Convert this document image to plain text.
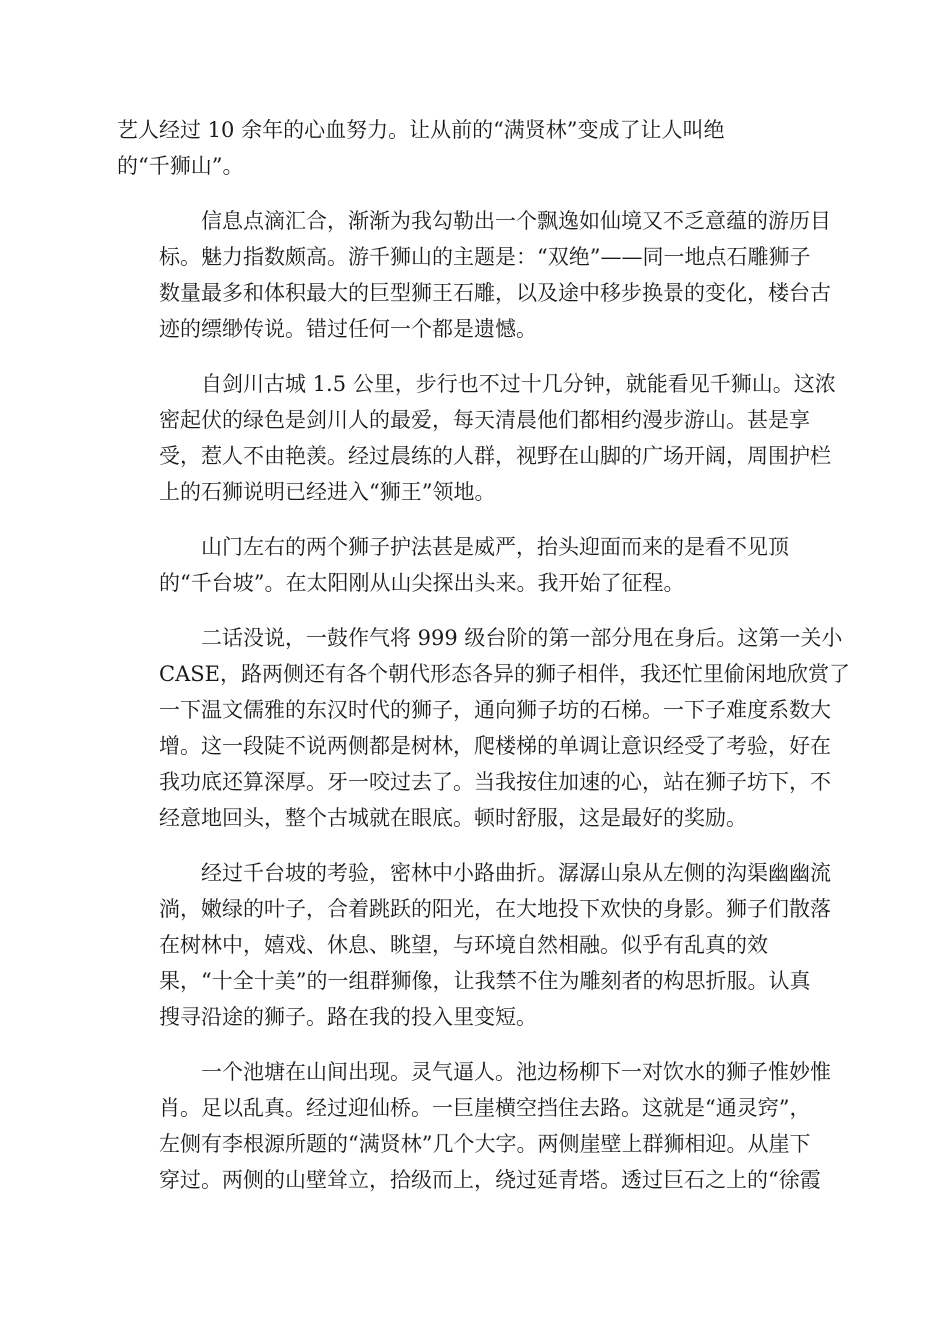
艺人经过 10 余年的心血努力。让从前的“满贤林”变成了让人叫绝
的“千狮山”。

信息点滴汇合，渐渐为我勾勒出一个飘逸如仙境又不乏意蕴的游历目
标。魅力指数颇高。游千狮山的主题是：“双绝”——同一地点石雕狮子
数量最多和体积最大的巨型狮王石雕，以及途中移步换景的变化，楼台古
迹的缥缈传说。错过任何一个都是遗憾。

自剑川古城 1.5 公里，步行也不过十几分钟，就能看见千狮山。这浓
密起伏的绿色是剑川人的最爱，每天清晨他们都相约漫步游山。甚是享
受，惹人不由艳羡。经过晨练的人群，视野在山脚的广场开阔，周围护栏
上的石狮说明已经进入“狮王”领地。

山门左右的两个狮子护法甚是威严，抬头迎面而来的是看不见顶
的“千台坡”。在太阳刚从山尖探出头来。我开始了征程。

二话没说，一鼓作气将 999 级台阶的第一部分甩在身后。这第一关小
CASE，路两侧还有各个朝代形态各异的狮子相伴，我还忙里偷闲地欣赏了
一下温文儒雅的东汉时代的狮子，通向狮子坊的石梯。一下子难度系数大
增。这一段陡不说两侧都是树林，爬楼梯的单调让意识经受了考验，好在
我功底还算深厚。牙一咬过去了。当我按住加速的心，站在狮子坊下，不
经意地回头，整个古城就在眼底。顿时舒服，这是最好的奖励。

经过千台坡的考验，密林中小路曲折。潺潺山泉从左侧的沟渠幽幽流
淌，嫩绿的叶子，合着跳跃的阳光，在大地投下欢快的身影。狮子们散落
在树林中，嬉戏、休息、眺望，与环境自然相融。似乎有乱真的效
果，“十全十美”的一组群狮像，让我禁不住为雕刻者的构思折服。认真
搜寻沿途的狮子。路在我的投入里变短。

一个池塘在山间出现。灵气逼人。池边杨柳下一对饮水的狮子惟妙惟
肖。足以乱真。经过迎仙桥。一巨崖横空挡住去路。这就是“通灵窍”，
左侧有李根源所题的“满贤林”几个大字。两侧崖壁上群狮相迎。从崖下
穿过。两侧的山壁耸立，拾级而上，绕过延青塔。透过巨石之上的“徐霞
